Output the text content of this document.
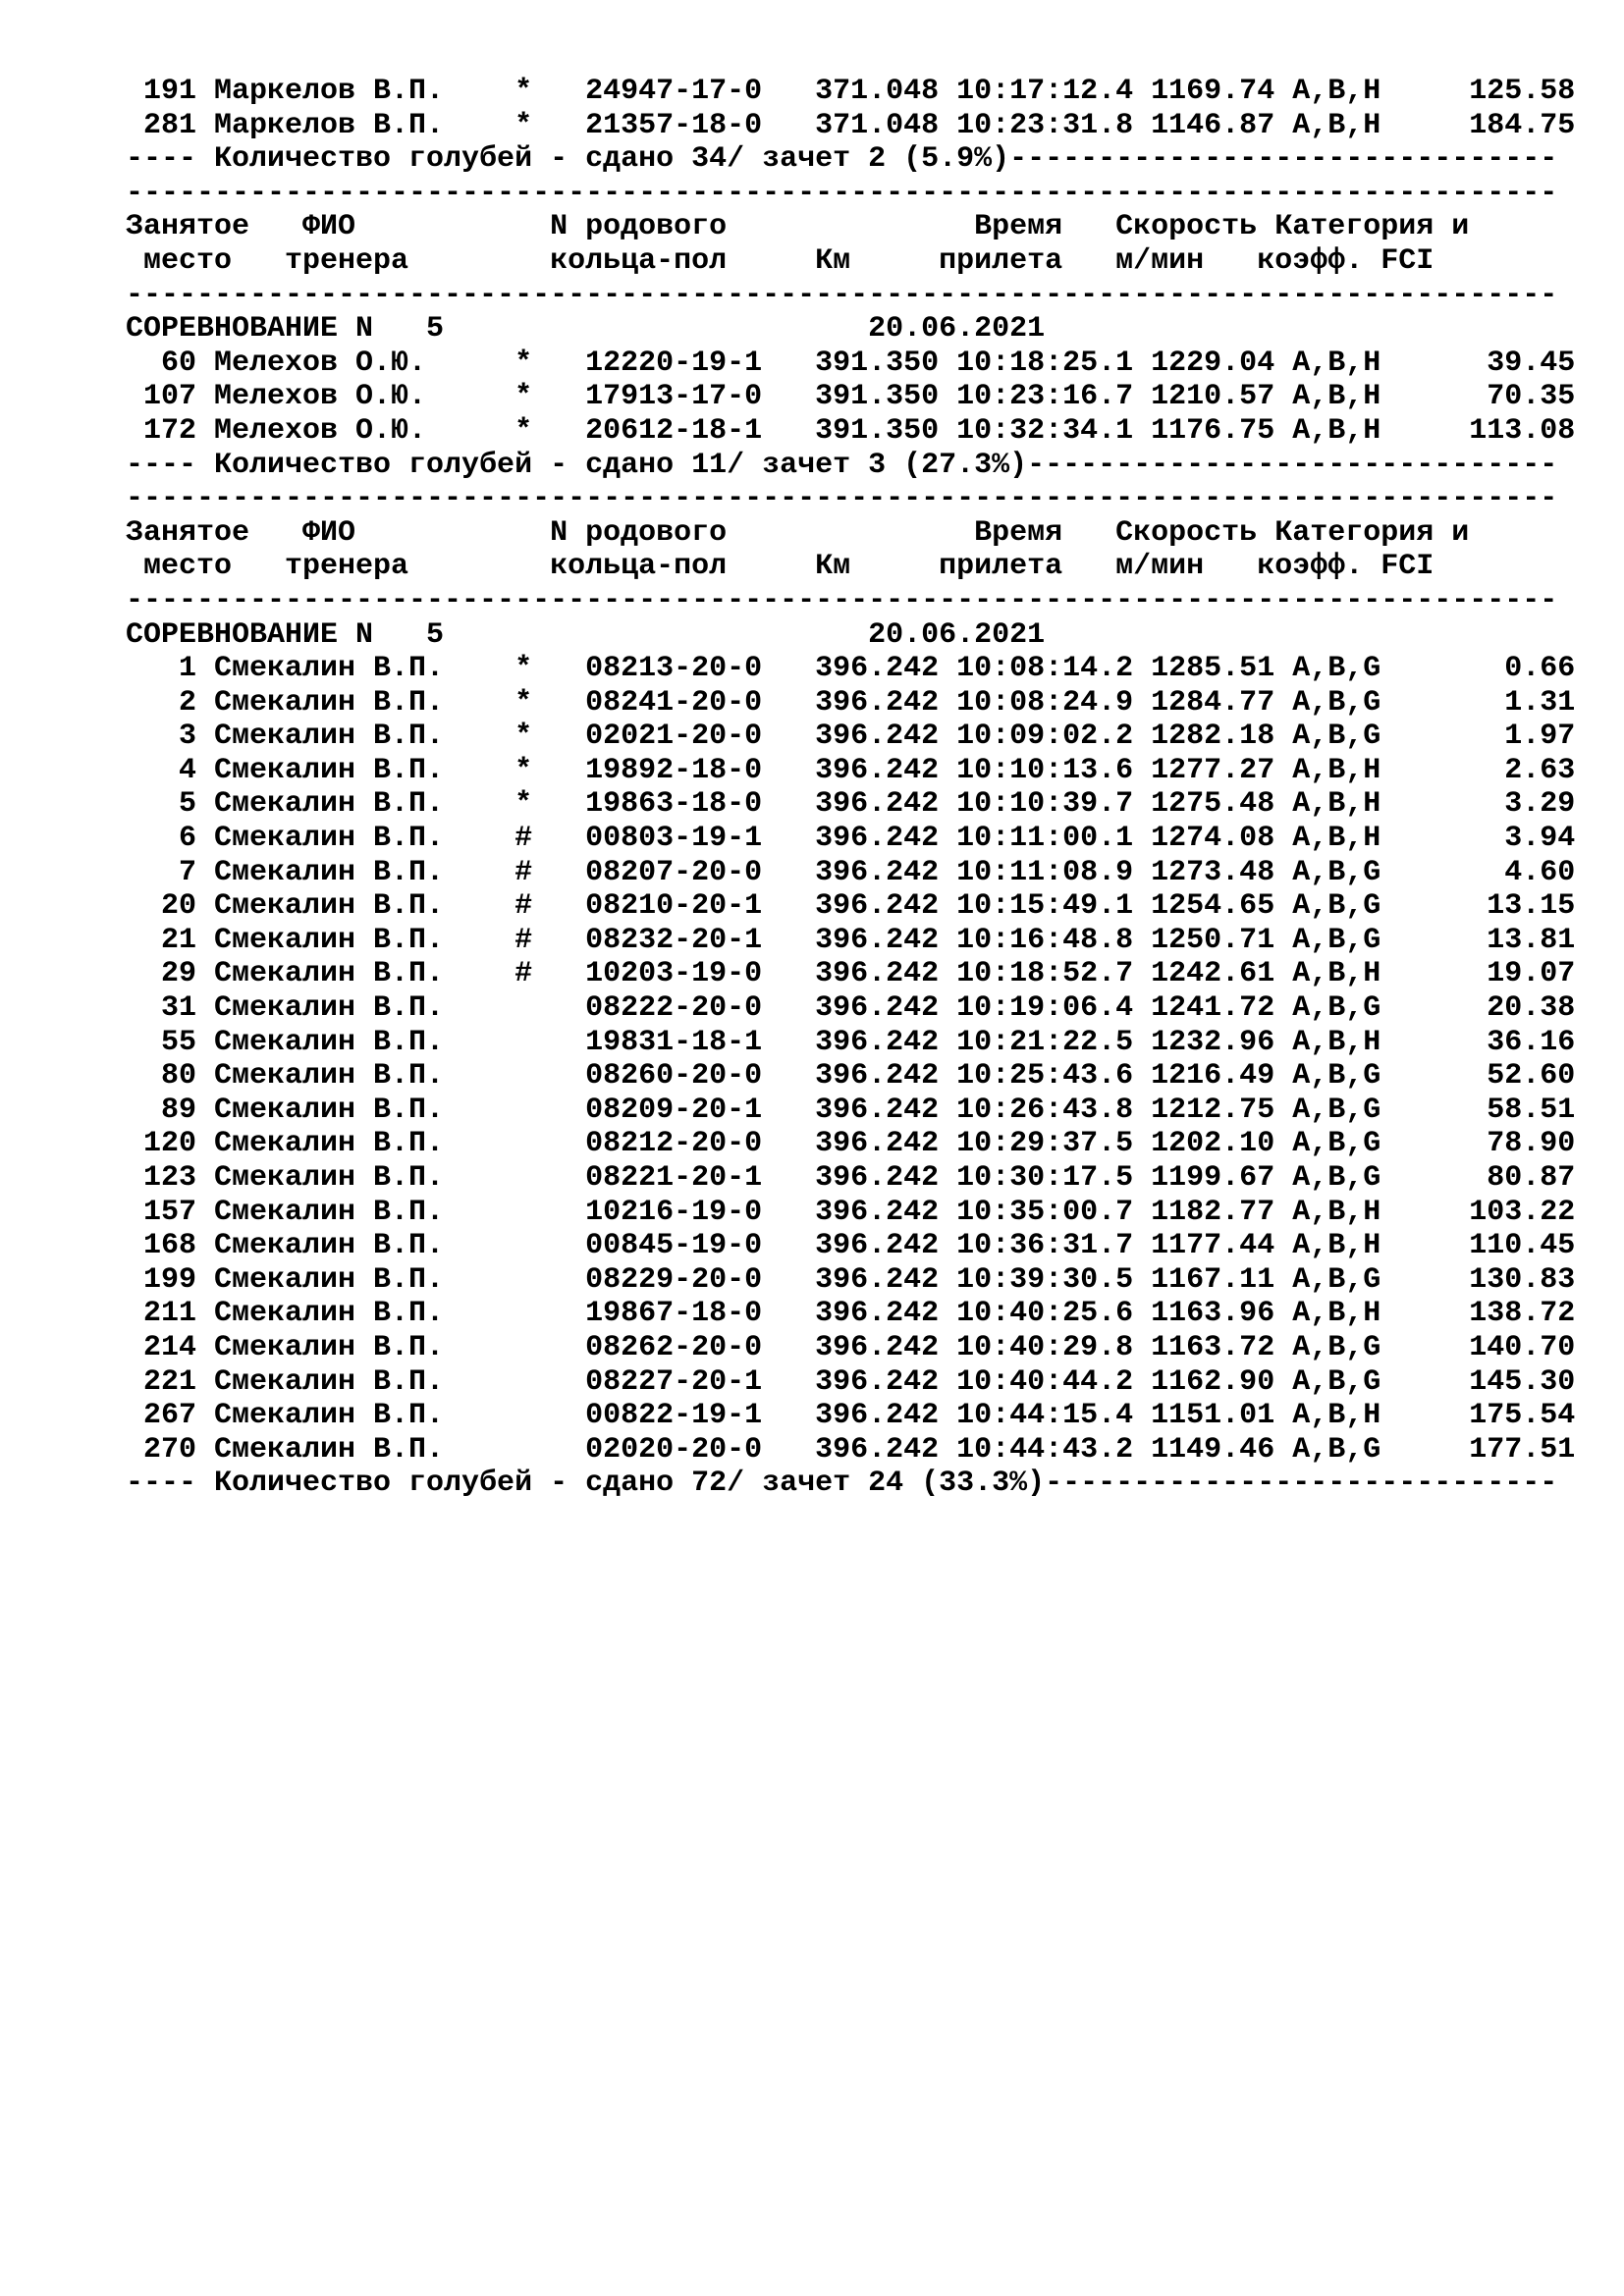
191 Маркелов В.П.    *   24947-17-0   371.048 10:17:12.4 1169.74 A,B,H     125.58
281 Маркелов В.П.    *   21357-18-0   371.048 10:23:31.8 1146.87 A,B,H     184.75
---- Количество голубей - сдано 34/ зачет 2 (5.9%)-------------------------------
---------------------------------------------------------------------------------
Занятое   ФИО           N родового              Время   Скорость Категория и
место   тренера        кольца-пол     Км     прилета   м/мин   коэфф. FCI
---------------------------------------------------------------------------------
СОРЕВНОВАНИЕ N   5                        20.06.2021
60 Мелехов О.Ю.     *   12220-19-1   391.350 10:18:25.1 1229.04 A,B,H      39.45
107 Мелехов О.Ю.     *   17913-17-0   391.350 10:23:16.7 1210.57 A,B,H      70.35
172 Мелехов О.Ю.     *   20612-18-1   391.350 10:32:34.1 1176.75 A,B,H     113.08
---- Количество голубей - сдано 11/ зачет 3 (27.3%)------------------------------
---------------------------------------------------------------------------------
Занятое   ФИО           N родового              Время   Скорость Категория и
место   тренера        кольца-пол     Км     прилета   м/мин   коэфф. FCI
---------------------------------------------------------------------------------
СОРЕВНОВАНИЕ N   5                        20.06.2021
1 Смекалин В.П.    *   08213-20-0   396.242 10:08:14.2 1285.51 A,B,G       0.66
2 Смекалин В.П.    *   08241-20-0   396.242 10:08:24.9 1284.77 A,B,G       1.31
3 Смекалин В.П.    *   02021-20-0   396.242 10:09:02.2 1282.18 A,B,G       1.97
4 Смекалин В.П.    *   19892-18-0   396.242 10:10:13.6 1277.27 A,B,H       2.63
5 Смекалин В.П.    *   19863-18-0   396.242 10:10:39.7 1275.48 A,B,H       3.29
6 Смекалин В.П.    #   00803-19-1   396.242 10:11:00.1 1274.08 A,B,H       3.94
7 Смекалин В.П.    #   08207-20-0   396.242 10:11:08.9 1273.48 A,B,G       4.60
20 Смекалин В.П.    #   08210-20-1   396.242 10:15:49.1 1254.65 A,B,G      13.15
21 Смекалин В.П.    #   08232-20-1   396.242 10:16:48.8 1250.71 A,B,G      13.81
29 Смекалин В.П.    #   10203-19-0   396.242 10:18:52.7 1242.61 A,B,H      19.07
31 Смекалин В.П.        08222-20-0   396.242 10:19:06.4 1241.72 A,B,G      20.38
55 Смекалин В.П.        19831-18-1   396.242 10:21:22.5 1232.96 A,B,H      36.16
80 Смекалин В.П.        08260-20-0   396.242 10:25:43.6 1216.49 A,B,G      52.60
89 Смекалин В.П.        08209-20-1   396.242 10:26:43.8 1212.75 A,B,G      58.51
120 Смекалин В.П.        08212-20-0   396.242 10:29:37.5 1202.10 A,B,G      78.90
123 Смекалин В.П.        08221-20-1   396.242 10:30:17.5 1199.67 A,B,G      80.87
157 Смекалин В.П.        10216-19-0   396.242 10:35:00.7 1182.77 A,B,H     103.22
168 Смекалин В.П.        00845-19-0   396.242 10:36:31.7 1177.44 A,B,H     110.45
199 Смекалин В.П.        08229-20-0   396.242 10:39:30.5 1167.11 A,B,G     130.83
211 Смекалин В.П.        19867-18-0   396.242 10:40:25.6 1163.96 A,B,H     138.72
214 Смекалин В.П.        08262-20-0   396.242 10:40:29.8 1163.72 A,B,G     140.70
221 Смекалин В.П.        08227-20-1   396.242 10:40:44.2 1162.90 A,B,G     145.30
267 Смекалин В.П.        00822-19-1   396.242 10:44:15.4 1151.01 A,B,H     175.54
270 Смекалин В.П.        02020-20-0   396.242 10:44:43.2 1149.46 A,B,G     177.51
---- Количество голубей - сдано 72/ зачет 24 (33.3%)-----------------------------
